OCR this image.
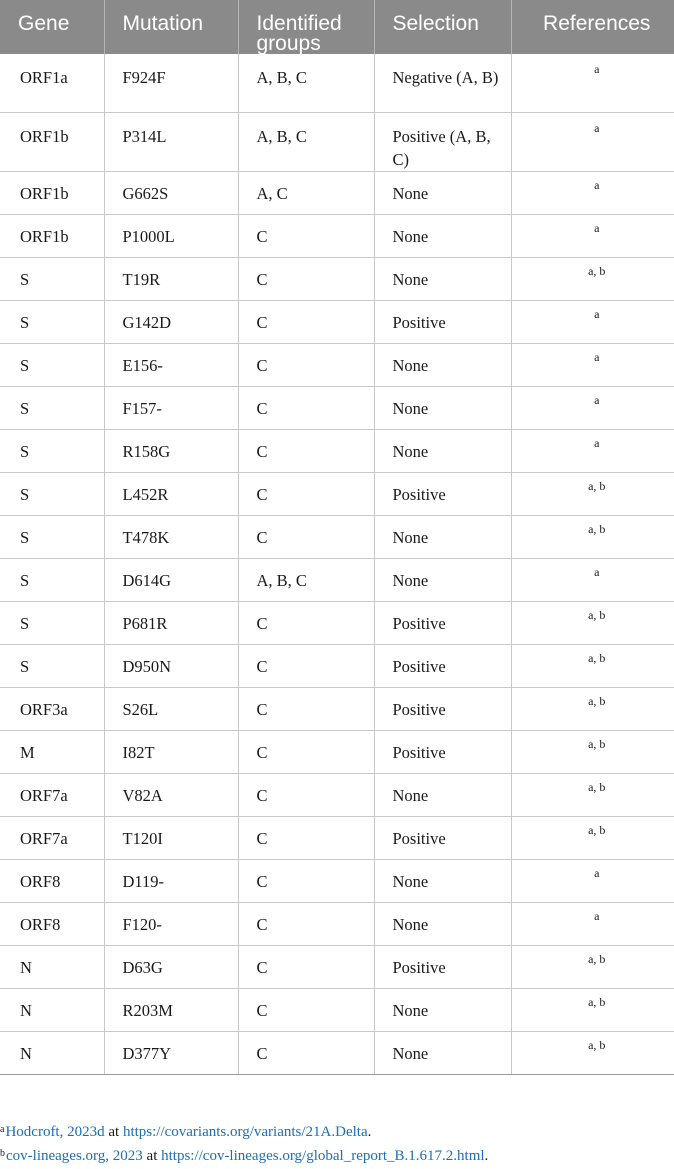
Gene	Mutation	Identified groups	Selection	References
ORF1a	F924F	A, B, C	Negative (A, B)	a
ORF1b	P314L	A, B, C	Positive (A, B, C)	a
ORF1b	G662S	A, C	None	a
ORF1b	P1000L	C	None	a
S	T19R	C	None	a, b
S	G142D	C	Positive	a
S	E156-	C	None	a
S	F157-	C	None	a
S	R158G	C	None	a
S	L452R	C	Positive	a, b
S	T478K	C	None	a, b
S	D614G	A, B, C	None	a
S	P681R	C	Positive	a, b
S	D950N	C	Positive	a, b
ORF3a	S26L	C	Positive	a, b
M	I82T	C	Positive	a, b
ORF7a	V82A	C	None	a, b
ORF7a	T120I	C	Positive	a, b
ORF8	D119-	C	None	a
ORF8	F120-	C	None	a
N	D63G	C	Positive	a, b
N	R203M	C	None	a, b
N	D377Y	C	None	a, b
$^a$Hodcroft, 2023d at https://covariants.org/variants/21A.Delta.
$^b$cov-lineages.org, 2023 at https://cov-lineages.org/global_report_B.1.617.2.html.
